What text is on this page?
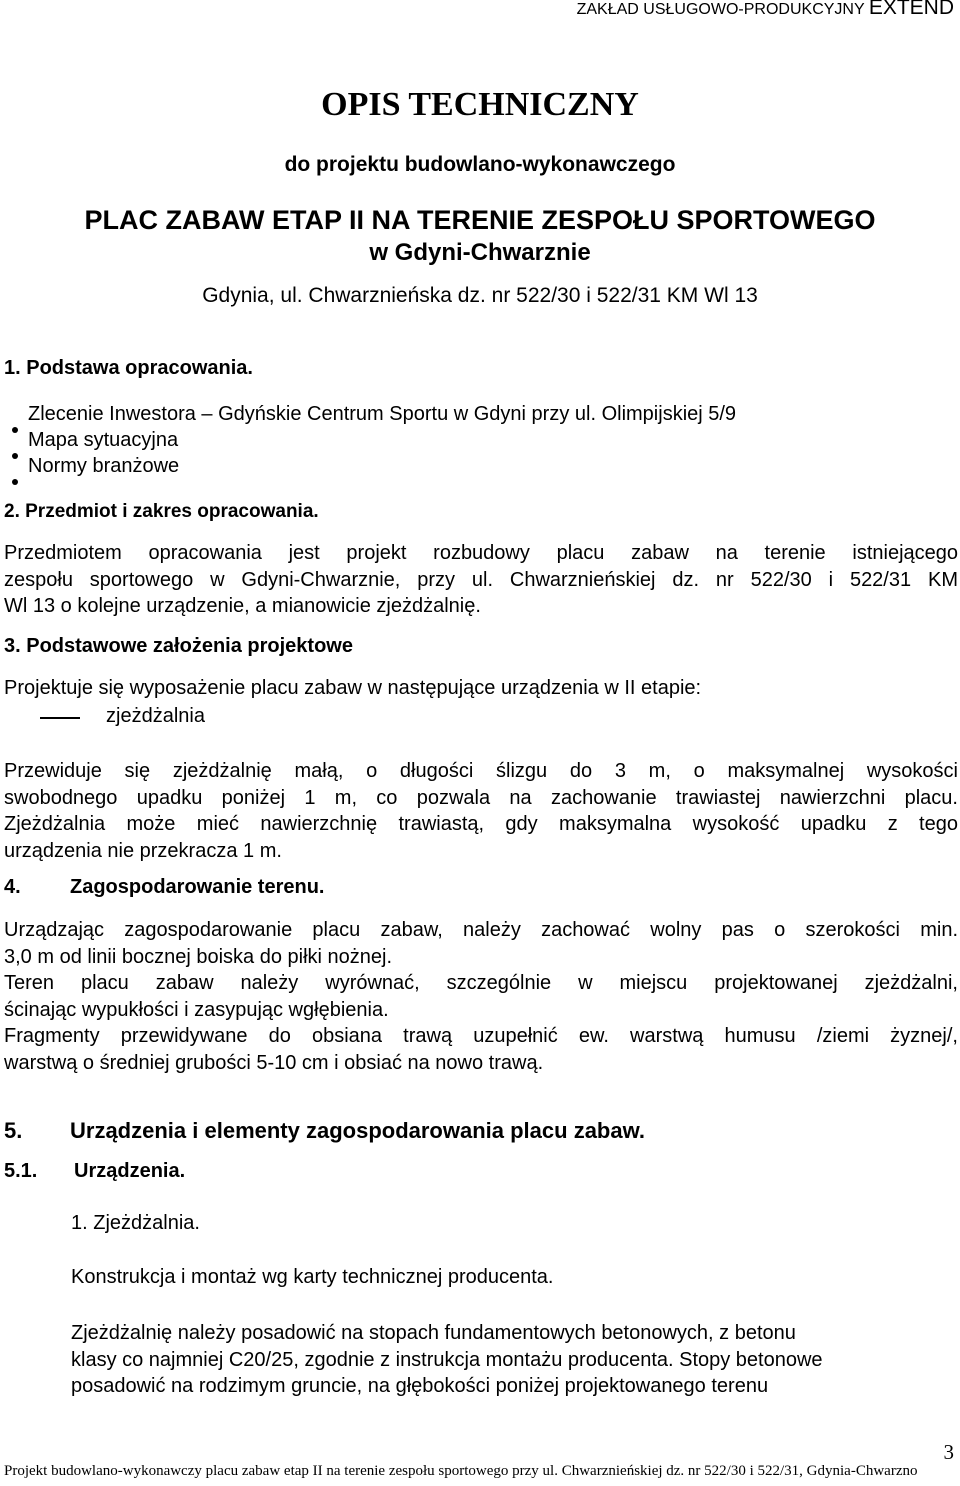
ZAKŁAD USŁUGOWO-PRODUKCYJNY EXTEND
OPIS TECHNICZNY
do projektu budowlano-wykonawczego
PLAC ZABAW ETAP II NA TERENIE ZESPOŁU SPORTOWEGO
w Gdyni-Chwarznie
Gdynia, ul. Chwarznieńska dz. nr 522/30 i 522/31 KM Wl 13
1. Podstawa opracowania.
Zlecenie Inwestora – Gdyńskie Centrum Sportu w Gdyni przy ul. Olimpijskiej 5/9
Mapa sytuacyjna
Normy branżowe
2. Przedmiot i zakres opracowania.
Przedmiotem opracowania jest projekt rozbudowy placu zabaw na terenie istniejącego
zespołu sportowego w Gdyni-Chwarznie, przy ul. Chwarznieńskiej dz. nr 522/30 i 522/31 KM
Wl 13 o kolejne urządzenie, a mianowicie zjeżdżalnię.
3. Podstawowe założenia projektowe
Projektuje się wyposażenie placu zabaw w następujące urządzenia w II etapie:
zjeżdżalnia
Przewiduje się zjeżdżalnię małą, o długości ślizgu do 3 m, o maksymalnej wysokości
swobodnego upadku poniżej 1 m, co pozwala na zachowanie trawiastej nawierzchni placu.
Zjeżdżalnia może mieć nawierzchnię trawiastą, gdy maksymalna wysokość upadku z tego
urządzenia nie przekracza 1 m.
4. Zagospodarowanie terenu.
Urządzając zagospodarowanie placu zabaw, należy zachować wolny pas o szerokości min.
3,0 m od linii bocznej boiska do piłki nożnej.
Teren placu zabaw należy wyrównać, szczególnie w miejscu projektowanej zjeżdżalni,
ścinając wypukłości i zasypując wgłębienia.
Fragmenty przewidywane do obsiana trawą uzupełnić ew. warstwą humusu /ziemi żyznej/,
warstwą o średniej grubości 5-10 cm i obsiać na nowo trawą.
5. Urządzenia i elementy zagospodarowania placu zabaw.
5.1. Urządzenia.
1. Zjeżdżalnia.
Konstrukcja i montaż wg karty technicznej producenta.
Zjeżdżalnię należy posadowić na stopach fundamentowych betonowych, z betonu
klasy co najmniej C20/25, zgodnie z instrukcja montażu producenta. Stopy betonowe
posadowić na rodzimym gruncie, na głębokości poniżej projektowanego terenu
3
Projekt budowlano-wykonawczy placu zabaw etap II na terenie zespołu sportowego przy ul. Chwarznieńskiej dz. nr 522/30 i 522/31, Gdynia-Chwarzno
